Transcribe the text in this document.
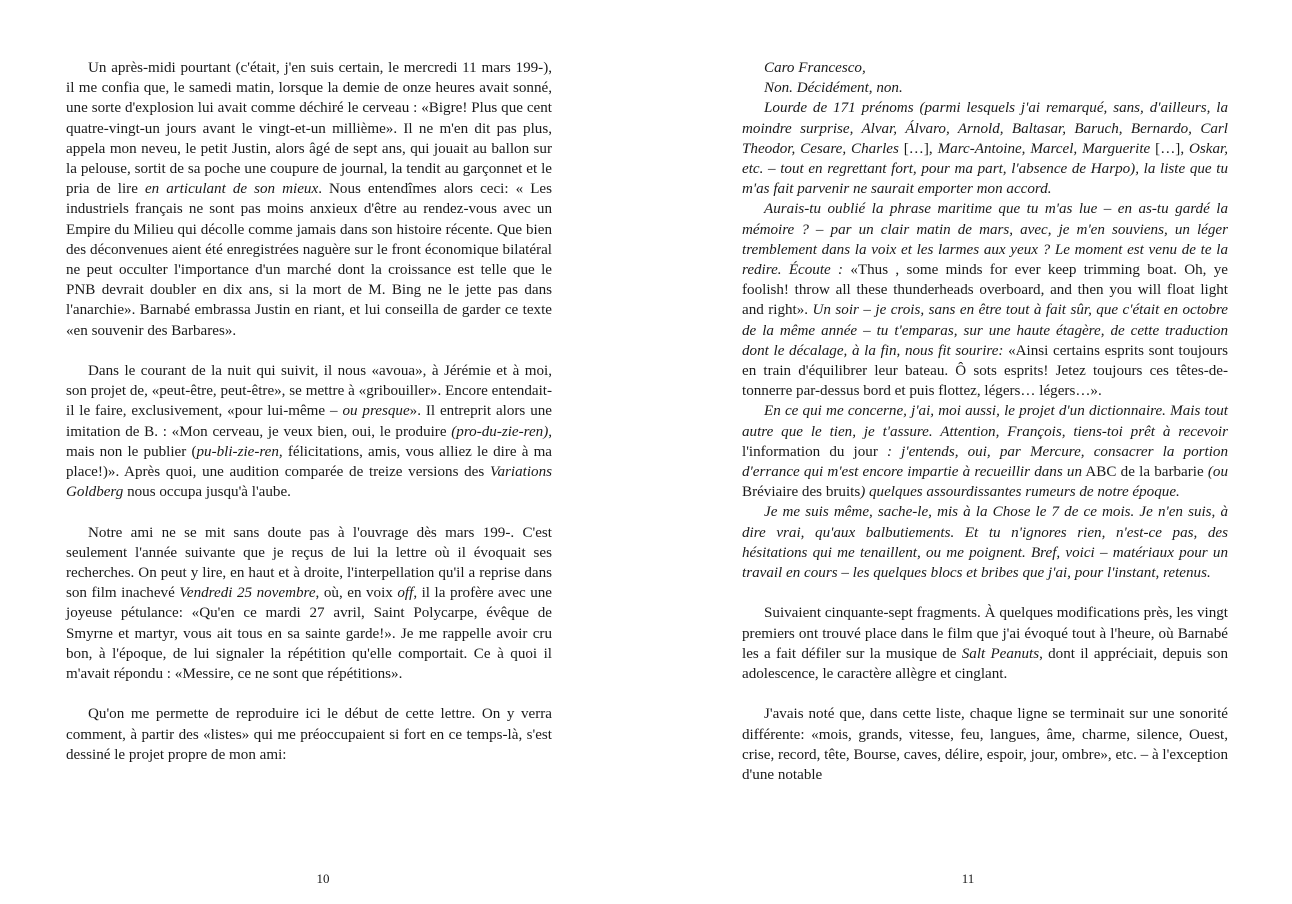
Un après-midi pourtant (c'était, j'en suis certain, le mercredi 11 mars 199-), il me confia que, le samedi matin, lorsque la demie de onze heures avait sonné, une sorte d'explosion lui avait comme déchiré le cerveau : «Bigre! Plus que cent quatre-vingt-un jours avant le vingt-et-un millième». Il ne m'en dit pas plus, appela mon neveu, le petit Justin, alors âgé de sept ans, qui jouait au ballon sur la pelouse, sortit de sa poche une coupure de journal, la tendit au garçonnet et le pria de lire en articulant de son mieux. Nous entendîmes alors ceci: « Les industriels français ne sont pas moins anxieux d'être au rendez-vous avec un Empire du Milieu qui décolle comme jamais dans son histoire récente. Que bien des déconvenues aient été enregistrées naguère sur le front économique bilatéral ne peut occulter l'importance d'un marché dont la croissance est telle que le PNB devrait doubler en dix ans, si la mort de M. Bing ne le jette pas dans l'anarchie». Barnabé embrassa Justin en riant, et lui conseilla de garder ce texte «en souvenir des Barbares».

Dans le courant de la nuit qui suivit, il nous «avoua», à Jérémie et à moi, son projet de, «peut-être, peut-être», se mettre à «gribouiller». Encore entendait-il le faire, exclusivement, «pour lui-même – ou presque». Il entreprit alors une imitation de B. : «Mon cerveau, je veux bien, oui, le produire (pro-du-zie-ren), mais non le publier (pu-bli-zie-ren, félicitations, amis, vous alliez le dire à ma place!)». Après quoi, une audition comparée de treize versions des Variations Goldberg nous occupa jusqu'à l'aube.

Notre ami ne se mit sans doute pas à l'ouvrage dès mars 199-. C'est seulement l'année suivante que je reçus de lui la lettre où il évoquait ses recherches. On peut y lire, en haut et à droite, l'interpellation qu'il a reprise dans son film inachevé Vendredi 25 novembre, où, en voix off, il la profère avec une joyeuse pétulance: «Qu'en ce mardi 27 avril, Saint Polycarpe, évêque de Smyrne et martyr, vous ait tous en sa sainte garde!». Je me rappelle avoir cru bon, à l'époque, de lui signaler la répétition qu'elle comportait. Ce à quoi il m'avait répondu : «Messire, ce ne sont que répétitions».

Qu'on me permette de reproduire ici le début de cette lettre. On y verra comment, à partir des «listes» qui me préoccupaient si fort en ce temps-là, s'est dessiné le projet propre de mon ami:

10

Caro Francesco,

Non. Décidément, non.

Lourde de 171 prénoms (parmi lesquels j'ai remarqué, sans, d'ailleurs, la moindre surprise, Alvar, Álvaro, Arnold, Baltasar, Baruch, Bernardo, Carl Theodor, Cesare, Charles […], Marc-Antoine, Marcel, Marguerite […], Oskar, etc. – tout en regrettant fort, pour ma part, l'absence de Harpo), la liste que tu m'as fait parvenir ne saurait emporter mon accord.

Aurais-tu oublié la phrase maritime que tu m'as lue – en as-tu gardé la mémoire ? – par un clair matin de mars, avec, je m'en souviens, un léger tremblement dans la voix et les larmes aux yeux ? Le moment est venu de te la redire. Écoute : «Thus , some minds for ever keep trimming boat. Oh, ye foolish! throw all these thunderheads overboard, and then you will float light and right». Un soir – je crois, sans en être tout à fait sûr, que c'était en octobre de la même année – tu t'emparas, sur une haute étagère, de cette traduction dont le décalage, à la fin, nous fit sourire: «Ainsi certains esprits sont toujours en train d'équilibrer leur bateau. Ô sots esprits! Jetez toujours ces têtes-de-tonnerre par-dessus bord et puis flottez, légers… légers…».

En ce qui me concerne, j'ai, moi aussi, le projet d'un dictionnaire. Mais tout autre que le tien, je t'assure. Attention, François, tiens-toi prêt à recevoir l'information du jour : j'entends, oui, par Mercure, consacrer la portion d'errance qui m'est encore impartie à recueillir dans un ABC de la barbarie (ou Bréviaire des bruits) quelques assourdissantes rumeurs de notre époque.

Je me suis même, sache-le, mis à la Chose le 7 de ce mois. Je n'en suis, à dire vrai, qu'aux balbutiements. Et tu n'ignores rien, n'est-ce pas, des hésitations qui me tenaillent, ou me poignent. Bref, voici – matériaux pour un travail en cours – les quelques blocs et bribes que j'ai, pour l'instant, retenus.

Suivaient cinquante-sept fragments. À quelques modifications près, les vingt premiers ont trouvé place dans le film que j'ai évoqué tout à l'heure, où Barnabé les a fait défiler sur la musique de Salt Peanuts, dont il appréciait, depuis son adolescence, le caractère allègre et cinglant.

J'avais noté que, dans cette liste, chaque ligne se terminait sur une sonorité différente: «mois, grands, vitesse, feu, langues, âme, charme, silence, Ouest, crise, record, tête, Bourse, caves, délire, espoir, jour, ombre», etc. – à l'exception d'une notable

11
